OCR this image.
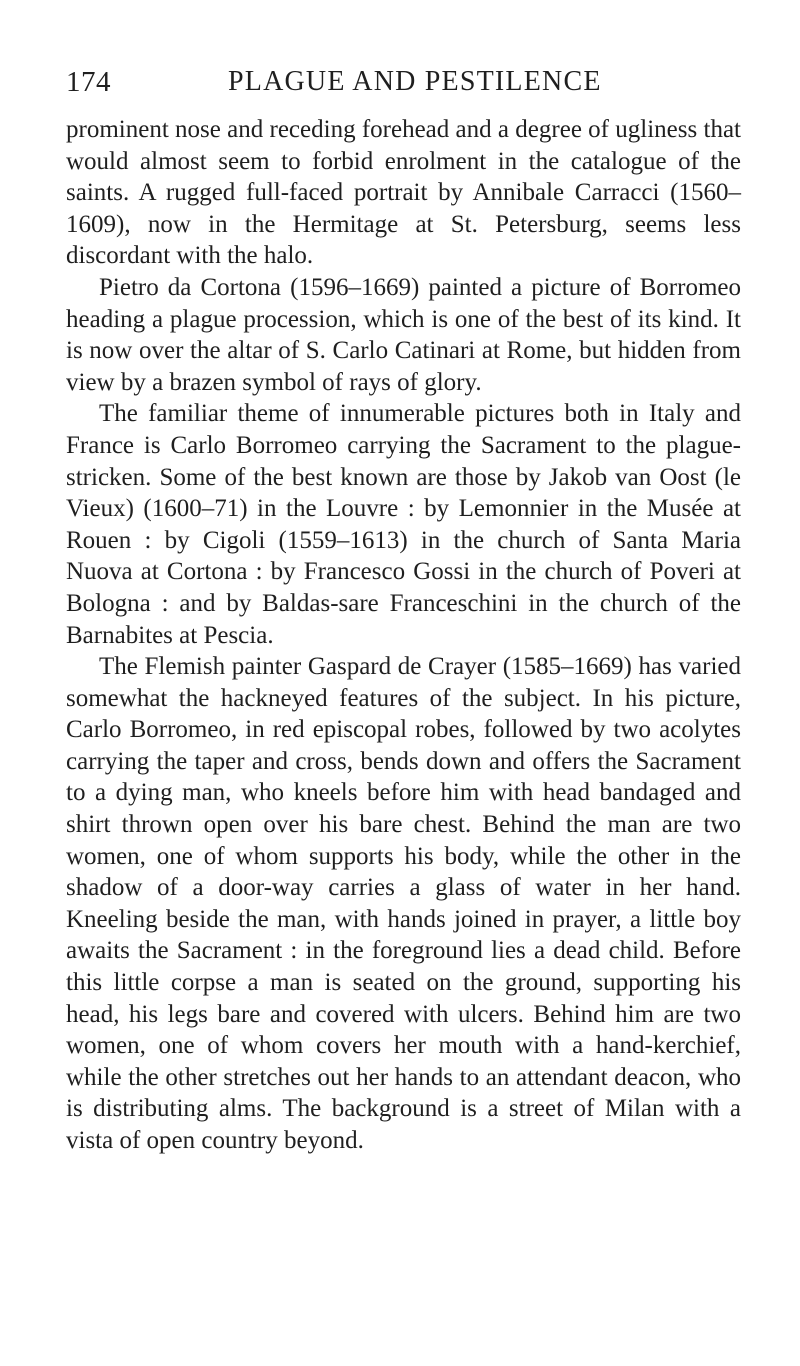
174	PLAGUE AND PESTILENCE

prominent nose and receding forehead and a degree of ugliness that would almost seem to forbid enrolment in the catalogue of the saints. A rugged full-faced portrait by Annibale Carracci (1560–1609), now in the Hermitage at St. Petersburg, seems less discordant with the halo.

Pietro da Cortona (1596–1669) painted a picture of Borromeo heading a plague procession, which is one of the best of its kind. It is now over the altar of S. Carlo Catinari at Rome, but hidden from view by a brazen symbol of rays of glory.

The familiar theme of innumerable pictures both in Italy and France is Carlo Borromeo carrying the Sacrament to the plague-stricken. Some of the best known are those by Jakob van Oost (le Vieux) (1600–71) in the Louvre : by Lemonnier in the Musée at Rouen : by Cigoli (1559–1613) in the church of Santa Maria Nuova at Cortona : by Francesco Gossi in the church of Poveri at Bologna : and by Baldas-sare Franceschini in the church of the Barnabites at Pescia.

The Flemish painter Gaspard de Crayer (1585–1669) has varied somewhat the hackneyed features of the subject. In his picture, Carlo Borromeo, in red episcopal robes, followed by two acolytes carrying the taper and cross, bends down and offers the Sacrament to a dying man, who kneels before him with head bandaged and shirt thrown open over his bare chest. Behind the man are two women, one of whom supports his body, while the other in the shadow of a door-way carries a glass of water in her hand. Kneeling beside the man, with hands joined in prayer, a little boy awaits the Sacrament : in the foreground lies a dead child. Before this little corpse a man is seated on the ground, supporting his head, his legs bare and covered with ulcers. Behind him are two women, one of whom covers her mouth with a hand-kerchief, while the other stretches out her hands to an attendant deacon, who is distributing alms. The background is a street of Milan with a vista of open country beyond.
